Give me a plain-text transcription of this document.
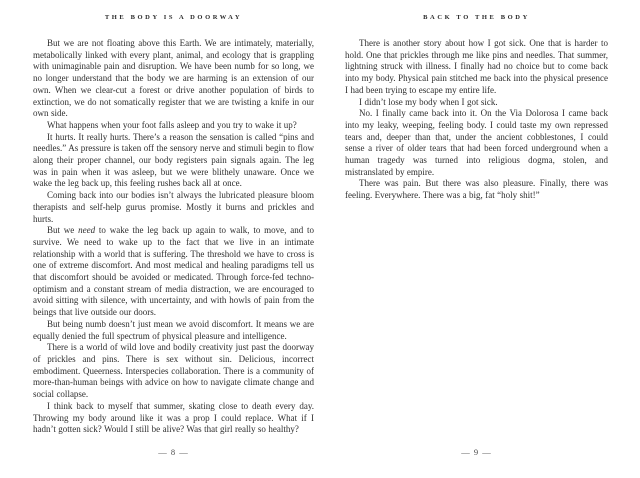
THE BODY IS A DOORWAY

But we are not floating above this Earth. We are intimately, materially, metabolically linked with every plant, animal, and ecology that is grappling with unimaginable pain and disruption. We have been numb for so long, we no longer understand that the body we are harming is an extension of our own. When we clear-cut a forest or drive another population of birds to extinction, we do not somatically register that we are twisting a knife in our own side.

What happens when your foot falls asleep and you try to wake it up?

It hurts. It really hurts. There’s a reason the sensation is called “pins and needles.” As pressure is taken off the sensory nerve and stimuli begin to flow along their proper channel, our body registers pain signals again. The leg was in pain when it was asleep, but we were blithely unaware. Once we wake the leg back up, this feeling rushes back all at once.

Coming back into our bodies isn’t always the lubricated pleasure bloom therapists and self-help gurus promise. Mostly it burns and prickles and hurts.

But we need to wake the leg back up again to walk, to move, and to survive. We need to wake up to the fact that we live in an intimate relationship with a world that is suffering. The threshold we have to cross is one of extreme discomfort. And most medical and healing paradigms tell us that discomfort should be avoided or medicated. Through force-fed techno-optimism and a constant stream of media distraction, we are encouraged to avoid sitting with silence, with uncertainty, and with howls of pain from the beings that live outside our doors.

But being numb doesn’t just mean we avoid discomfort. It means we are equally denied the full spectrum of physical pleasure and intelligence.

There is a world of wild love and bodily creativity just past the doorway of prickles and pins. There is sex without sin. Delicious, incorrect embodiment. Queerness. Interspecies collaboration. There is a community of more-than-human beings with advice on how to navigate climate change and social collapse.

I think back to myself that summer, skating close to death every day. Throwing my body around like it was a prop I could replace. What if I hadn’t gotten sick? Would I still be alive? Was that girl really so healthy?

BACK TO THE BODY

There is another story about how I got sick. One that is harder to hold. One that prickles through me like pins and needles. That summer, lightning struck with illness. I finally had no choice but to come back into my body. Physical pain stitched me back into the physical presence I had been trying to escape my entire life.

I didn’t lose my body when I got sick.

No. I finally came back into it. On the Via Dolorosa I came back into my leaky, weeping, feeling body. I could taste my own repressed tears and, deeper than that, under the ancient cobblestones, I could sense a river of older tears that had been forced underground when a human tragedy was turned into religious dogma, stolen, and mistranslated by empire.

There was pain. But there was also pleasure. Finally, there was feeling. Everywhere. There was a big, fat “holy shit!”

— 8 —	— 9 —
